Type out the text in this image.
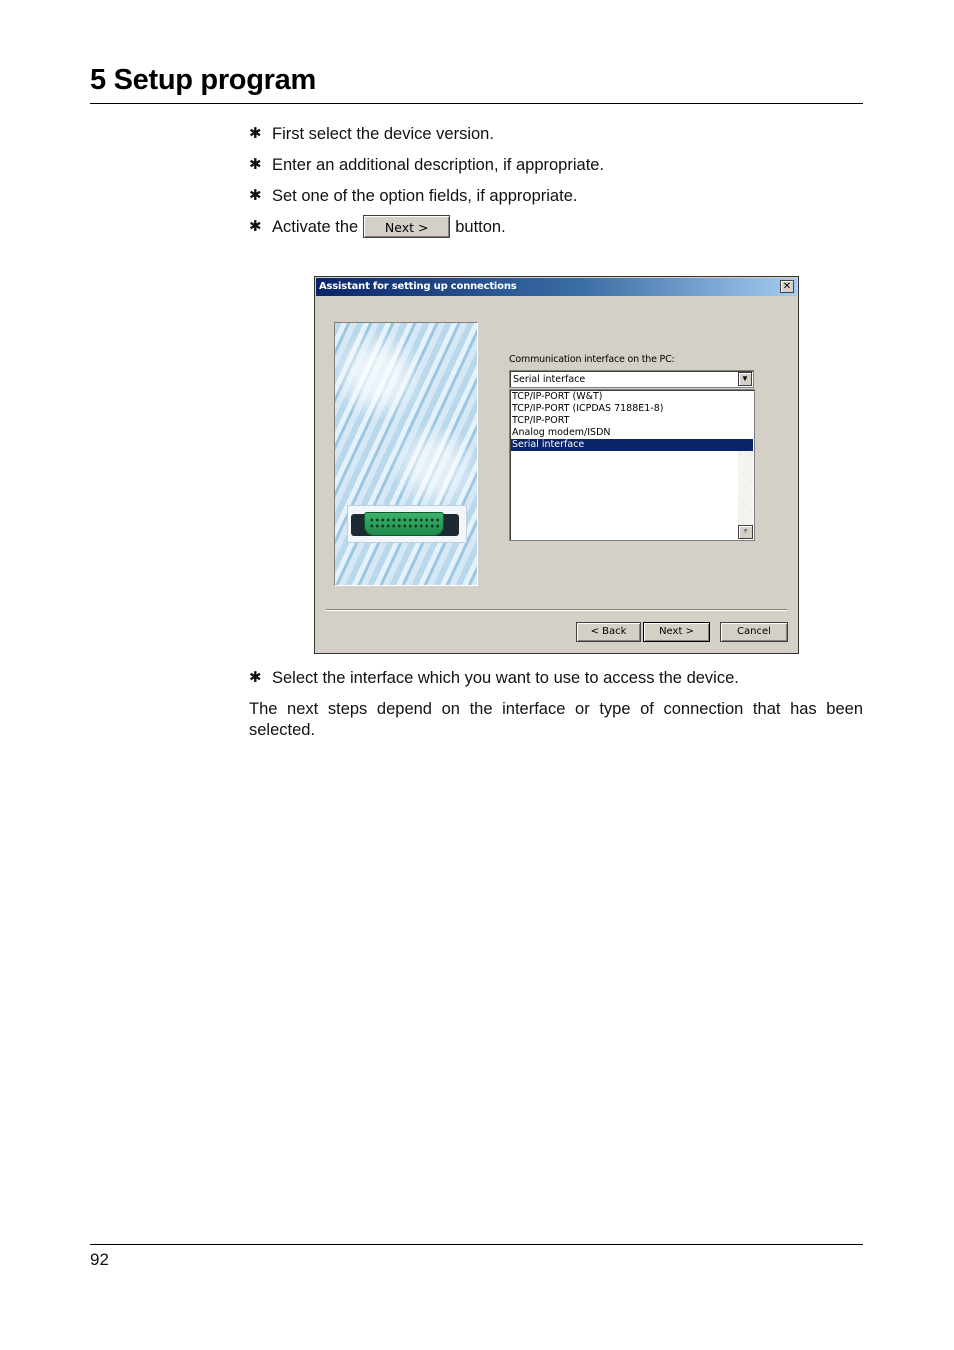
5 Setup program
✱ First select the device version.
✱ Enter an additional description, if appropriate.
✱ Set one of the option fields, if appropriate.
✱ Activate the	Next >	button.
Assistant for setting up connections	✕
Communication interface on the PC:
Serial interface	▼
TCP/IP-PORT (W&T)
TCP/IP-PORT (ICPDAS 7188E1-8)
TCP/IP-PORT
Analog modem/ISDN
Serial interface
▼
< Back	Next >	Cancel
✱ Select the interface which you want to use to access the device.
The next steps depend on the interface or type of connection that has been selected.
92
